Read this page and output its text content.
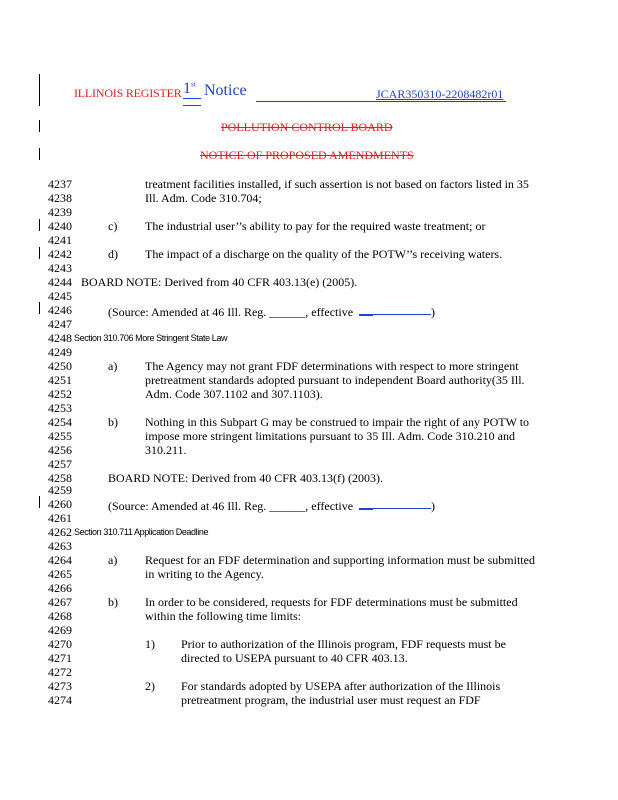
ILLINOIS REGISTER 1st Notice	JCAR350310-2208482r01
POLLUTION CONTROL BOARD
NOTICE OF PROPOSED AMENDMENTS
4237
4238
4239
4240
4241
4242
4243
4244
4245
4246
4247
4248
4249
4250
4251
4252
4253
4254
4255
4256
4257
4258
4259
4260
4261
4262
4263
4264
4265
4266
4267
4268
4269
4270
4271
4272
4273
4274
treatment facilities installed, if such assertion is not based on factors listed in 35
Ill. Adm. Code 310.704;
c) The industrial user’’s ability to pay for the required waste treatment; or
d) The impact of a discharge on the quality of the POTW’’s receiving waters.
BOARD NOTE: Derived from 40 CFR 403.13(e) (2005).
(Source: Amended at 46 Ill. Reg. ______, effective	)
Section 310.706 More Stringent State Law
a) The Agency may not grant FDF determinations with respect to more stringent
pretreatment standards adopted pursuant to independent Board authority(35 Ill.
Adm. Code 307.1102 and 307.1103).
b) Nothing in this Subpart G may be construed to impair the right of any POTW to
impose more stringent limitations pursuant to 35 Ill. Adm. Code 310.210 and
310.211.
BOARD NOTE: Derived from 40 CFR 403.13(f) (2003).
(Source: Amended at 46 Ill. Reg. ______, effective	)
Section 310.711 Application Deadline
a) Request for an FDF determination and supporting information must be submitted
in writing to the Agency.
b) In order to be considered, requests for FDF determinations must be submitted
within the following time limits:
1) Prior to authorization of the Illinois program, FDF requests must be
directed to USEPA pursuant to 40 CFR 403.13.
2) For standards adopted by USEPA after authorization of the Illinois
pretreatment program, the industrial user must request an FDF
